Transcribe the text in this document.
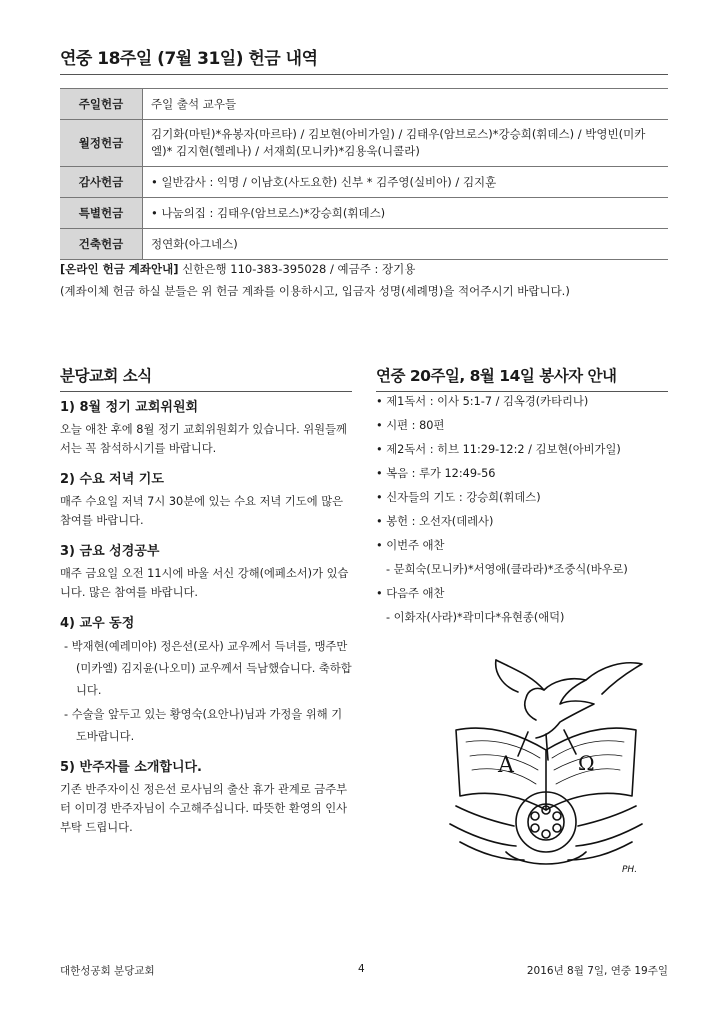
연중 18주일 (7월 31일) 헌금 내역
주일헌금	주일 출석 교우들
월정헌금	김기화(마틴)*유봉자(마르타) / 김보현(아비가일) / 김태우(암브로스)*강승희(휘데스) / 박영빈(미카엘)* 김지현(헬레나) / 서재희(모니카)*김용욱(니콜라)
감사헌금	• 일반감사 : 익명 / 이남호(사도요한) 신부 * 김주영(실비아) / 김지훈
특별헌금	• 나눔의집 : 김태우(암브로스)*강승희(휘데스)
건축헌금	정연화(아그네스)
[온라인 헌금 계좌안내] 신한은행 110-383-395028 / 예금주 : 장기용
(계좌이체 헌금 하실 분들은 위 헌금 계좌를 이용하시고, 입금자 성명(세례명)을 적어주시기 바랍니다.)
분당교회 소식
1) 8월 정기 교회위원회

오늘 애찬 후에 8월 정기 교회위원회가 있습니다. 위원들께서는 꼭 참석하시기를 바랍니다.

2) 수요 저녁 기도

매주 수요일 저녁 7시 30분에 있는 수요 저녁 기도에 많은 참여를 바랍니다.

3) 금요 성경공부

매주 금요일 오전 11시에 바울 서신 강해(에페소서)가 있습니다. 많은 참여를 바랍니다.

4) 교우 동정
- 박재현(예레미야) 정은선(로사) 교우께서 득녀를, 맹주만(미카엘) 김지윤(나오미) 교우께서 득남했습니다. 축하합니다.
- 수술을 앞두고 있는 황영숙(요안나)님과 가정을 위해 기도바랍니다.
5) 반주자를 소개합니다.

기존 반주자이신 정은선 로사님의 출산 휴가 관계로 금주부터 이미경 반주자님이 수고해주십니다. 따뜻한 환영의 인사 부탁 드립니다.

연중 20주일, 8월 14일 봉사자 안내
• 제1독서 : 이사 5:1-7 / 김옥경(카타리나)
• 시편 : 80편
• 제2독서 : 히브 11:29-12:2 / 김보현(아비가일)
• 복음 : 루가 12:49-56
• 신자들의 기도 : 강승희(휘데스)
• 봉헌 : 오선자(데레사)
• 이번주 애찬
- 문희숙(모니카)*서영애(클라라)*조중식(바우로)
• 다음주 애찬
- 이화자(사라)*곽미다*유현종(애덕)
A	Ω
PH.
대한성공회 분당교회	4	2016년 8월 7일, 연중 19주일
